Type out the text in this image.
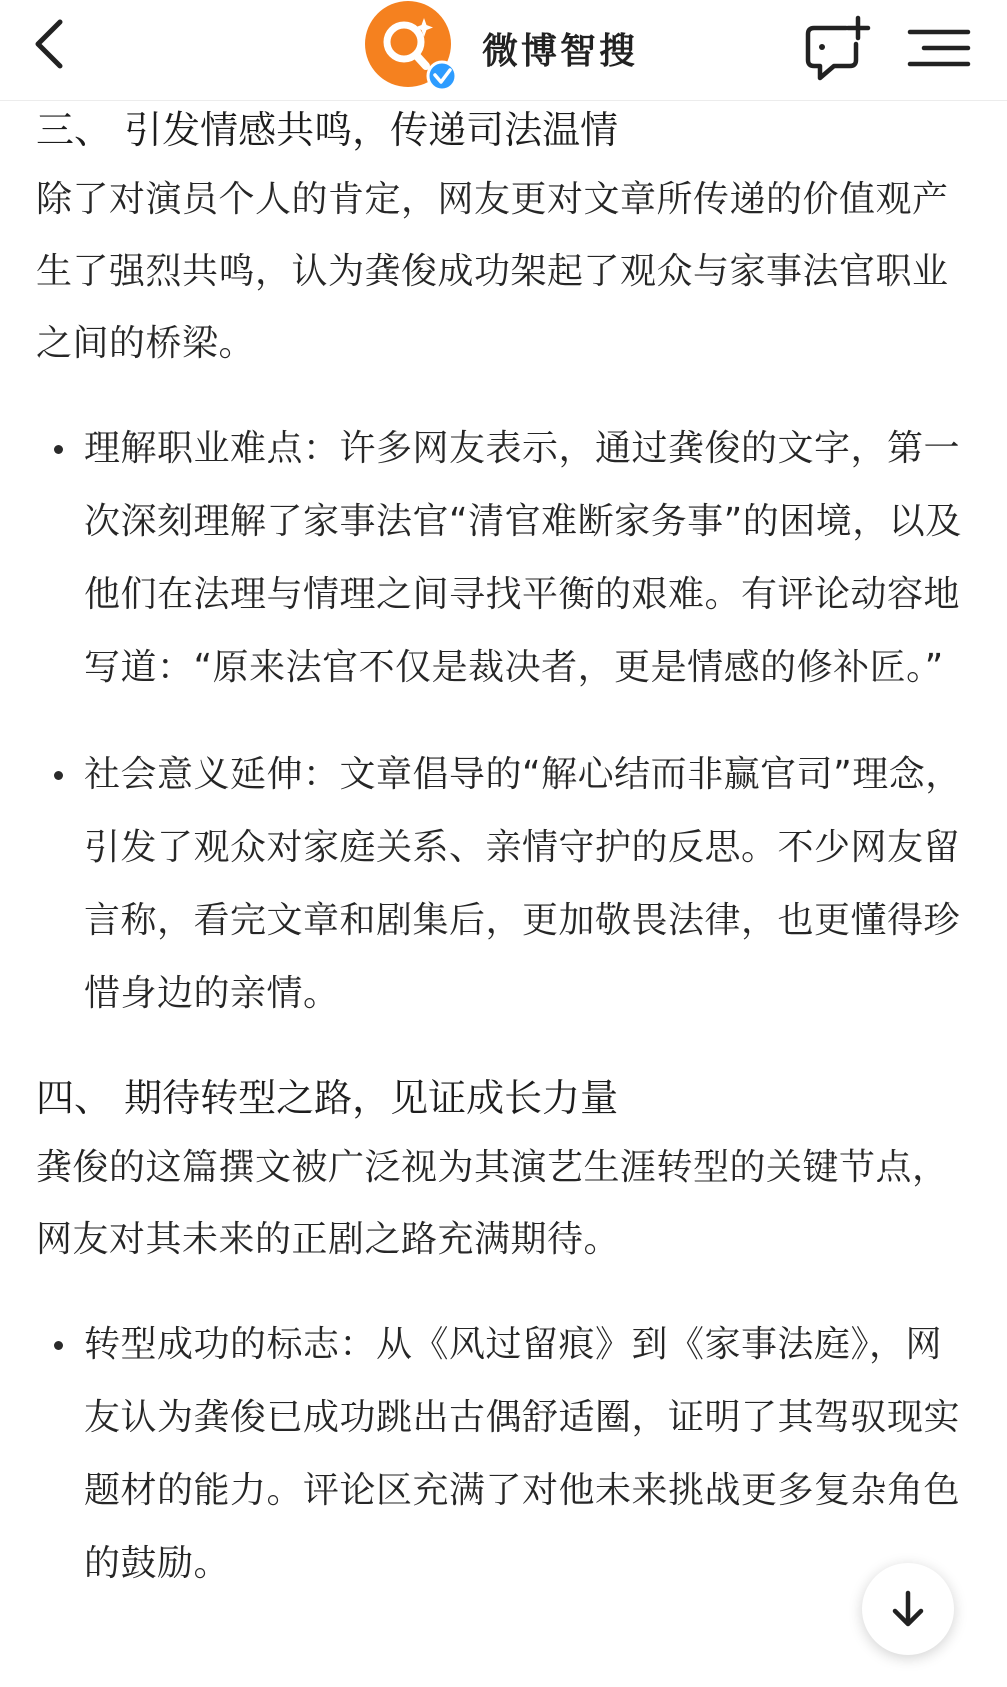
微博智搜
三、 引发情感共鸣，传递司法温情

除了对演员个人的肯定，网友更对文章所传递的价值观产生了强烈共鸣，认为龚俊成功架起了观众与家事法官职业之间的桥梁。

理解职业难点：许多网友表示，通过龚俊的文字，第一次深刻理解了家事法官“清官难断家务事”的困境，以及他们在法理与情理之间寻找平衡的艰难。有评论动容地写道：“原来法官不仅是裁决者，更是情感的修补匠。”
社会意义延伸：文章倡导的“解心结而非赢官司”理念，引发了观众对家庭关系、亲情守护的反思。不少网友留言称，看完文章和剧集后，更加敬畏法律，也更懂得珍惜身边的亲情。
四、 期待转型之路，见证成长力量

龚俊的这篇撰文被广泛视为其演艺生涯转型的关键节点，网友对其未来的正剧之路充满期待。

转型成功的标志：从《风过留痕》到《家事法庭》，网友认为龚俊已成功跳出古偶舒适圈，证明了其驾驭现实题材的能力。评论区充满了对他未来挑战更多复杂角色的鼓励。
